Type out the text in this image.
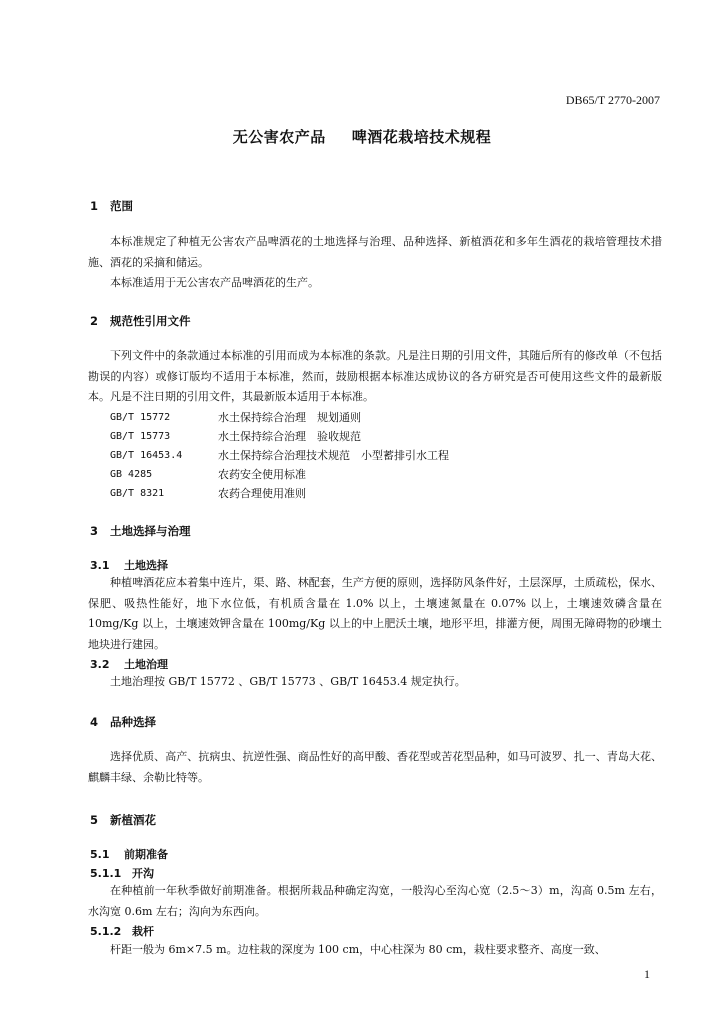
DB65/T 2770-2007
无公害农产品 啤酒花栽培技术规程
1 范围

本标准规定了种植无公害农产品啤酒花的土地选择与治理、品种选择、新植酒花和多年生酒花的栽培管理技术措施、酒花的采摘和储运。

本标准适用于无公害农产品啤酒花的生产。

2 规范性引用文件

下列文件中的条款通过本标准的引用而成为本标准的条款。凡是注日期的引用文件，其随后所有的修改单（不包括勘误的内容）或修订版均不适用于本标准，然而，鼓励根据本标准达成协议的各方研究是否可使用这些文件的最新版本。凡是不注日期的引用文件，其最新版本适用于本标准。

GB/T 15772	水土保持综合治理　规划通则
GB/T 15773	水土保持综合治理　验收规范
GB/T 16453.4	水土保持综合治理技术规范　小型蓄排引水工程
GB 4285	农药安全使用标准
GB/T 8321	农药合理使用准则
3 土地选择与治理
3.1 土地选择

种植啤酒花应本着集中连片，渠、路、林配套，生产方便的原则，选择防风条件好，土层深厚，土质疏松，保水、保肥、吸热性能好，地下水位低，有机质含量在 1.0% 以上，土壤速氮量在 0.07% 以上，土壤速效磷含量在 10mg/Kg 以上，土壤速效钾含量在 100mg/Kg 以上的中上肥沃土壤，地形平坦，排灌方便，周围无障碍物的砂壤土地块进行建园。

3.2 土地治理

土地治理按 GB/T 15772 、GB/T 15773 、GB/T 16453.4 规定执行。

4 品种选择

选择优质、高产、抗病虫、抗逆性强、商品性好的高甲酸、香花型或苦花型品种，如马可波罗、扎一、青岛大花、麒麟丰绿、余勒比特等。

5 新植酒花
5.1 前期准备
5.1.1 开沟

在种植前一年秋季做好前期准备。根据所栽品种确定沟宽，一般沟心至沟心宽（2.5～3）m，沟高 0.5m 左右，水沟宽 0.6m 左右；沟向为东西向。

5.1.2 栽杆

杆距一般为 6m×7.5 m。边柱栽的深度为 100 cm，中心柱深为 80 cm，栽柱要求整齐、高度一致、

1
